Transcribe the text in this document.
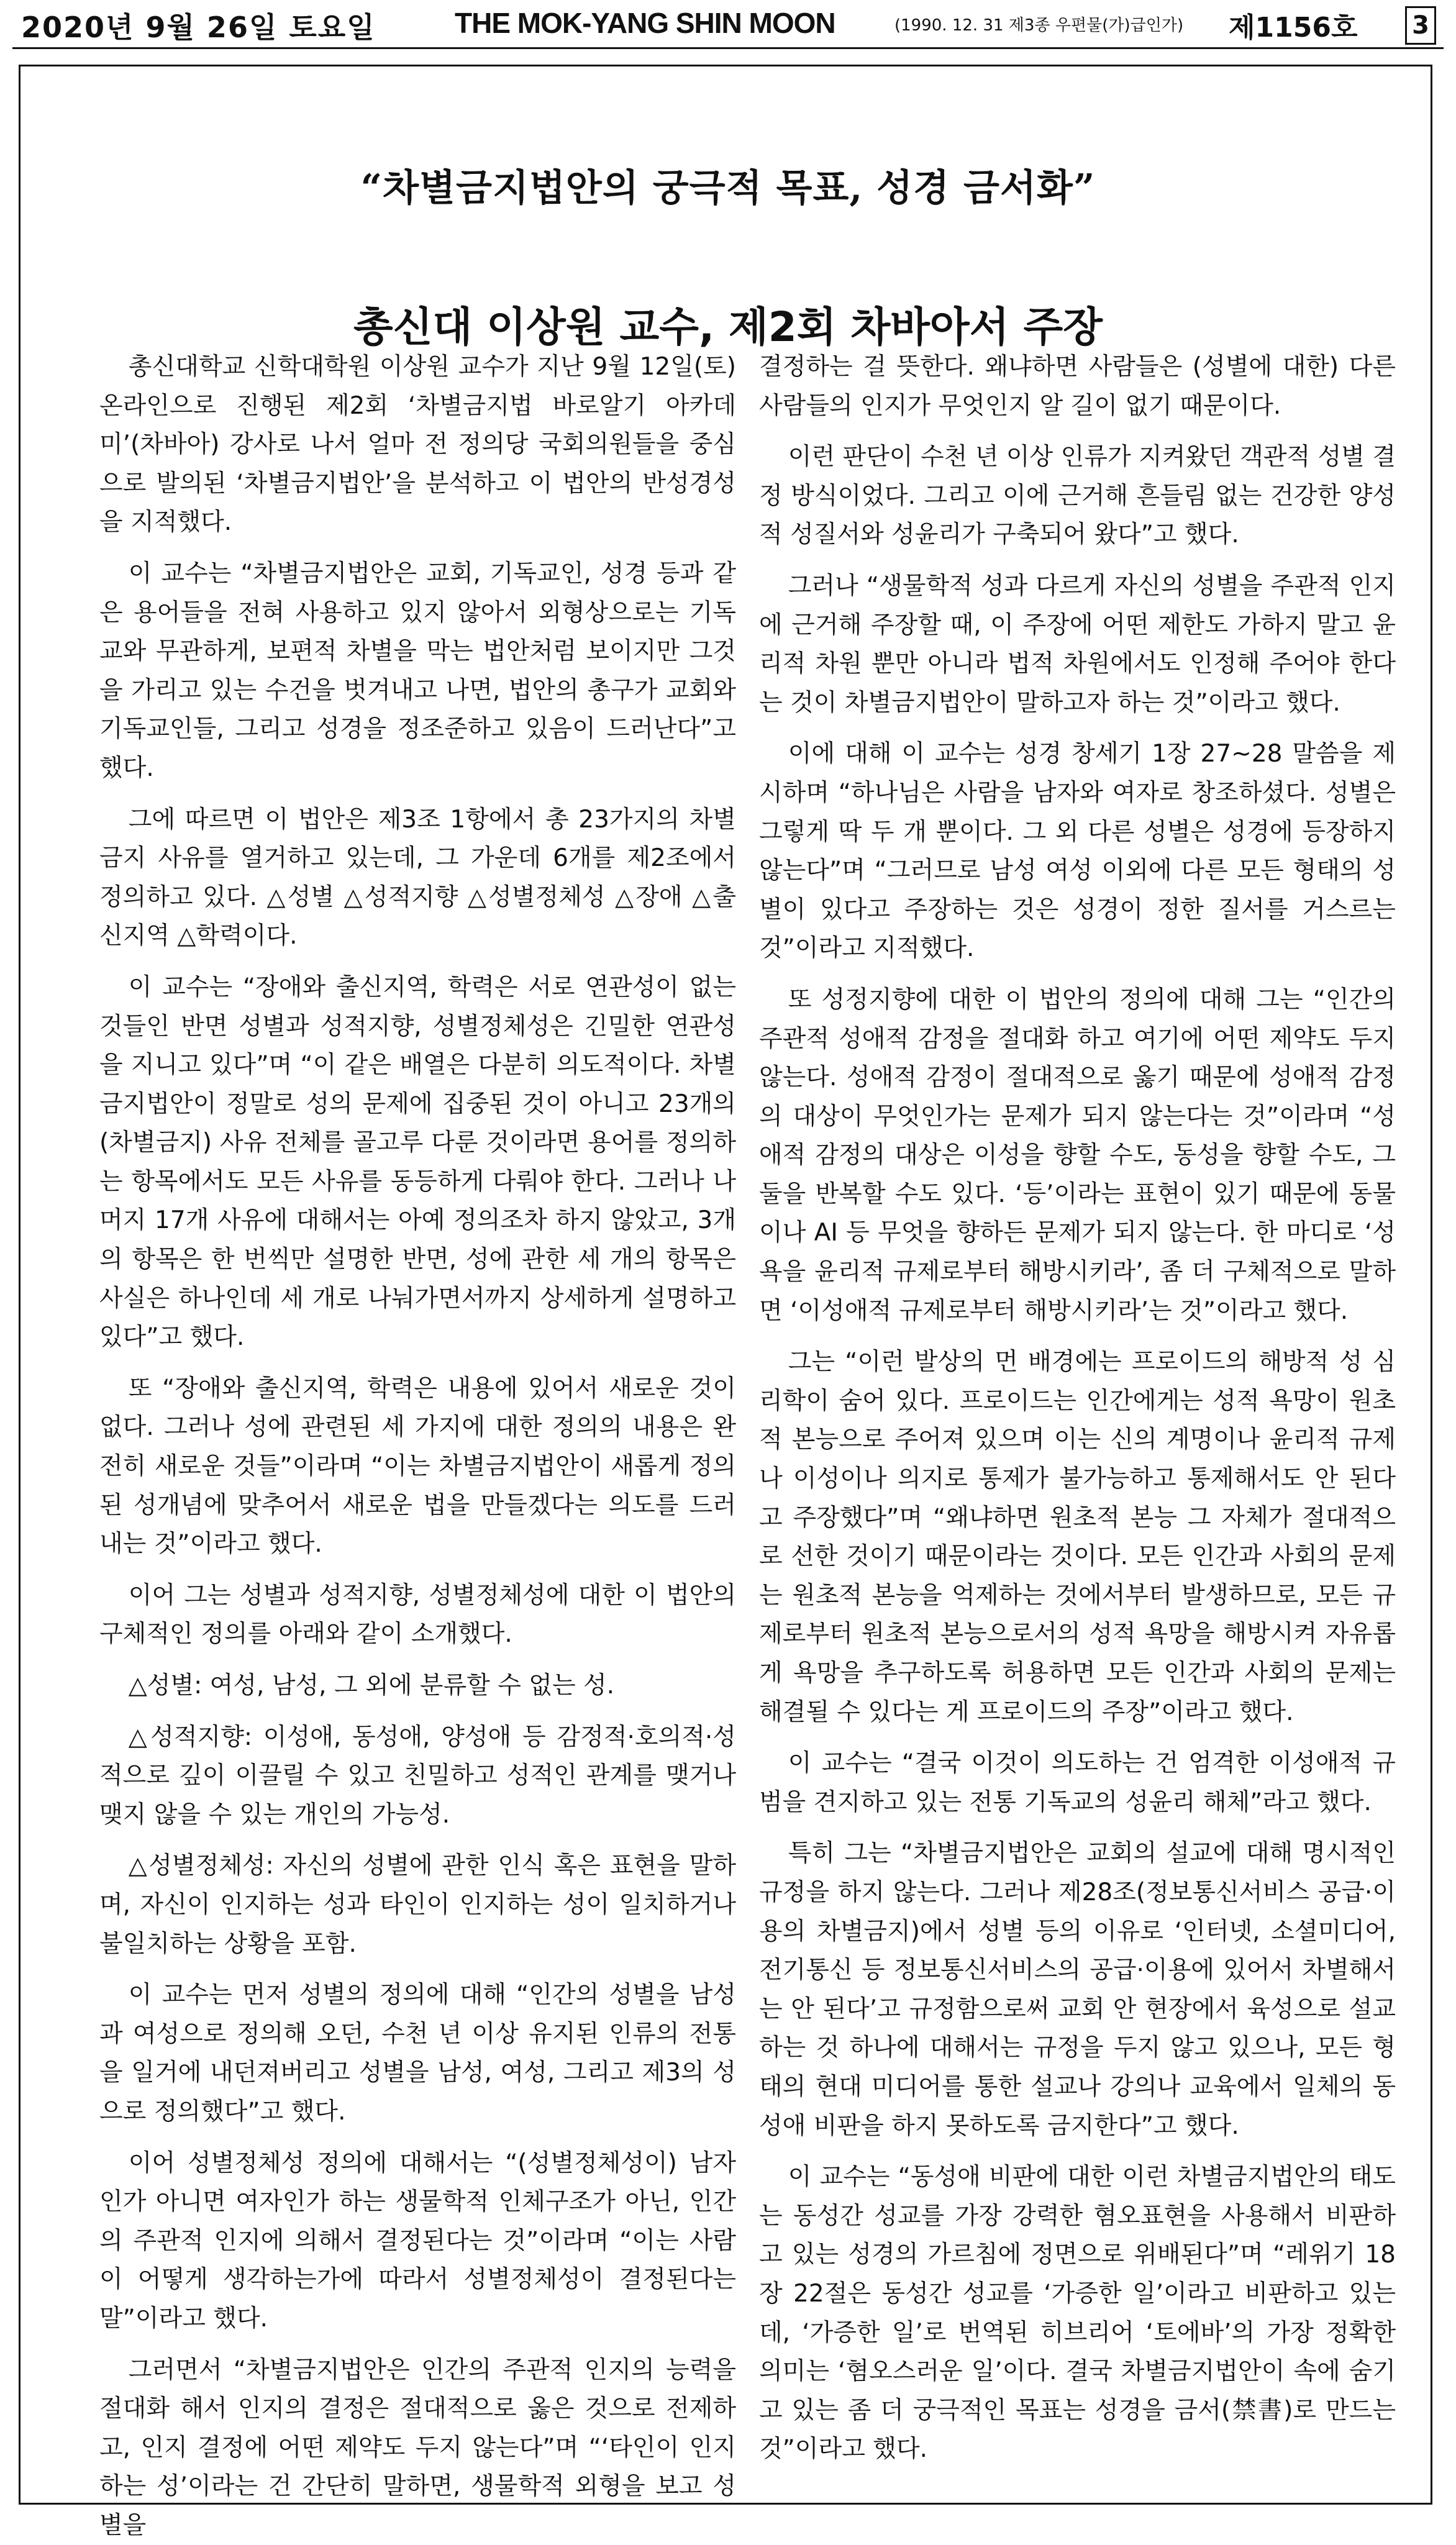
2020년 9월 26일 토요일	THE MOK-YANG SHIN MOON	(1990. 12. 31 제3종 우편물(가)급인가) 제1156호 3
“차별금지법안의 궁극적 목표, 성경 금서화”
총신대 이상원 교수, 제2회 차바아서 주장

총신대학교 신학대학원 이상원 교수가 지난 9월 12일(토) 온라인으로 진행된 제2회 ‘차별금지법 바로알기 아카데미’(차바아) 강사로 나서 얼마 전 정의당 국회의원들을 중심으로 발의된 ‘차별금지법안’을 분석하고 이 법안의 반성경성을 지적했다.

이 교수는 “차별금지법안은 교회, 기독교인, 성경 등과 같은 용어들을 전혀 사용하고 있지 않아서 외형상으로는 기독교와 무관하게, 보편적 차별을 막는 법안처럼 보이지만 그것을 가리고 있는 수건을 벗겨내고 나면, 법안의 총구가 교회와 기독교인들, 그리고 성경을 정조준하고 있음이 드러난다”고 했다.

그에 따르면 이 법안은 제3조 1항에서 총 23가지의 차별금지 사유를 열거하고 있는데, 그 가운데 6개를 제2조에서 정의하고 있다. △성별 △성적지향 △성별정체성 △장애 △출신지역 △학력이다.

이 교수는 “장애와 출신지역, 학력은 서로 연관성이 없는 것들인 반면 성별과 성적지향, 성별정체성은 긴밀한 연관성을 지니고 있다”며 “이 같은 배열은 다분히 의도적이다. 차별금지법안이 정말로 성의 문제에 집중된 것이 아니고 23개의 (차별금지) 사유 전체를 골고루 다룬 것이라면 용어를 정의하는 항목에서도 모든 사유를 동등하게 다뤄야 한다. 그러나 나머지 17개 사유에 대해서는 아예 정의조차 하지 않았고, 3개의 항목은 한 번씩만 설명한 반면, 성에 관한 세 개의 항목은 사실은 하나인데 세 개로 나눠가면서까지 상세하게 설명하고 있다”고 했다.

또 “장애와 출신지역, 학력은 내용에 있어서 새로운 것이 없다. 그러나 성에 관련된 세 가지에 대한 정의의 내용은 완전히 새로운 것들”이라며 “이는 차별금지법안이 새롭게 정의된 성개념에 맞추어서 새로운 법을 만들겠다는 의도를 드러내는 것”이라고 했다.

이어 그는 성별과 성적지향, 성별정체성에 대한 이 법안의 구체적인 정의를 아래와 같이 소개했다.

△성별: 여성, 남성, 그 외에 분류할 수 없는 성.

△성적지향: 이성애, 동성애, 양성애 등 감정적·호의적·성적으로 깊이 이끌릴 수 있고 친밀하고 성적인 관계를 맺거나 맺지 않을 수 있는 개인의 가능성.

△성별정체성: 자신의 성별에 관한 인식 혹은 표현을 말하며, 자신이 인지하는 성과 타인이 인지하는 성이 일치하거나 불일치하는 상황을 포함.

이 교수는 먼저 성별의 정의에 대해 “인간의 성별을 남성과 여성으로 정의해 오던, 수천 년 이상 유지된 인류의 전통을 일거에 내던져버리고 성별을 남성, 여성, 그리고 제3의 성으로 정의했다”고 했다.

이어 성별정체성 정의에 대해서는 “(성별정체성이) 남자인가 아니면 여자인가 하는 생물학적 인체구조가 아닌, 인간의 주관적 인지에 의해서 결정된다는 것”이라며 “이는 사람이 어떻게 생각하는가에 따라서 성별정체성이 결정된다는 말”이라고 했다.

그러면서 “차별금지법안은 인간의 주관적 인지의 능력을 절대화 해서 인지의 결정은 절대적으로 옳은 것으로 전제하고, 인지 결정에 어떤 제약도 두지 않는다”며 “‘타인이 인지하는 성’이라는 건 간단히 말하면, 생물학적 외형을 보고 성별을

결정하는 걸 뜻한다. 왜냐하면 사람들은 (성별에 대한) 다른 사람들의 인지가 무엇인지 알 길이 없기 때문이다.

이런 판단이 수천 년 이상 인류가 지켜왔던 객관적 성별 결정 방식이었다. 그리고 이에 근거해 흔들림 없는 건강한 양성적 성질서와 성윤리가 구축되어 왔다”고 했다.

그러나 “생물학적 성과 다르게 자신의 성별을 주관적 인지에 근거해 주장할 때, 이 주장에 어떤 제한도 가하지 말고 윤리적 차원 뿐만 아니라 법적 차원에서도 인정해 주어야 한다는 것이 차별금지법안이 말하고자 하는 것”이라고 했다.

이에 대해 이 교수는 성경 창세기 1장 27~28 말씀을 제시하며 “하나님은 사람을 남자와 여자로 창조하셨다. 성별은 그렇게 딱 두 개 뿐이다. 그 외 다른 성별은 성경에 등장하지 않는다”며 “그러므로 남성 여성 이외에 다른 모든 형태의 성별이 있다고 주장하는 것은 성경이 정한 질서를 거스르는 것”이라고 지적했다.

또 성정지향에 대한 이 법안의 정의에 대해 그는 “인간의 주관적 성애적 감정을 절대화 하고 여기에 어떤 제약도 두지 않는다. 성애적 감정이 절대적으로 옳기 때문에 성애적 감정의 대상이 무엇인가는 문제가 되지 않는다는 것”이라며 “성애적 감정의 대상은 이성을 향할 수도, 동성을 향할 수도, 그 둘을 반복할 수도 있다. ‘등’이라는 표현이 있기 때문에 동물이나 AI 등 무엇을 향하든 문제가 되지 않는다. 한 마디로 ‘성욕을 윤리적 규제로부터 해방시키라’, 좀 더 구체적으로 말하면 ‘이성애적 규제로부터 해방시키라’는 것”이라고 했다.

그는 “이런 발상의 먼 배경에는 프로이드의 해방적 성 심리학이 숨어 있다. 프로이드는 인간에게는 성적 욕망이 원초적 본능으로 주어져 있으며 이는 신의 계명이나 윤리적 규제나 이성이나 의지로 통제가 불가능하고 통제해서도 안 된다고 주장했다”며 “왜냐하면 원초적 본능 그 자체가 절대적으로 선한 것이기 때문이라는 것이다. 모든 인간과 사회의 문제는 원초적 본능을 억제하는 것에서부터 발생하므로, 모든 규제로부터 원초적 본능으로서의 성적 욕망을 해방시켜 자유롭게 욕망을 추구하도록 허용하면 모든 인간과 사회의 문제는 해결될 수 있다는 게 프로이드의 주장”이라고 했다.

이 교수는 “결국 이것이 의도하는 건 엄격한 이성애적 규범을 견지하고 있는 전통 기독교의 성윤리 해체”라고 했다.

특히 그는 “차별금지법안은 교회의 설교에 대해 명시적인 규정을 하지 않는다. 그러나 제28조(정보통신서비스 공급·이용의 차별금지)에서 성별 등의 이유로 ‘인터넷, 소셜미디어, 전기통신 등 정보통신서비스의 공급·이용에 있어서 차별해서는 안 된다’고 규정함으로써 교회 안 현장에서 육성으로 설교하는 것 하나에 대해서는 규정을 두지 않고 있으나, 모든 형태의 현대 미디어를 통한 설교나 강의나 교육에서 일체의 동성애 비판을 하지 못하도록 금지한다”고 했다.

이 교수는 “동성애 비판에 대한 이런 차별금지법안의 태도는 동성간 성교를 가장 강력한 혐오표현을 사용해서 비판하고 있는 성경의 가르침에 정면으로 위배된다”며 “레위기 18장 22절은 동성간 성교를 ‘가증한 일’이라고 비판하고 있는데, ‘가증한 일’로 번역된 히브리어 ‘토에바’의 가장 정확한 의미는 ‘혐오스러운 일’이다. 결국 차별금지법안이 속에 숨기고 있는 좀 더 궁극적인 목표는 성경을 금서(禁書)로 만드는 것”이라고 했다.
